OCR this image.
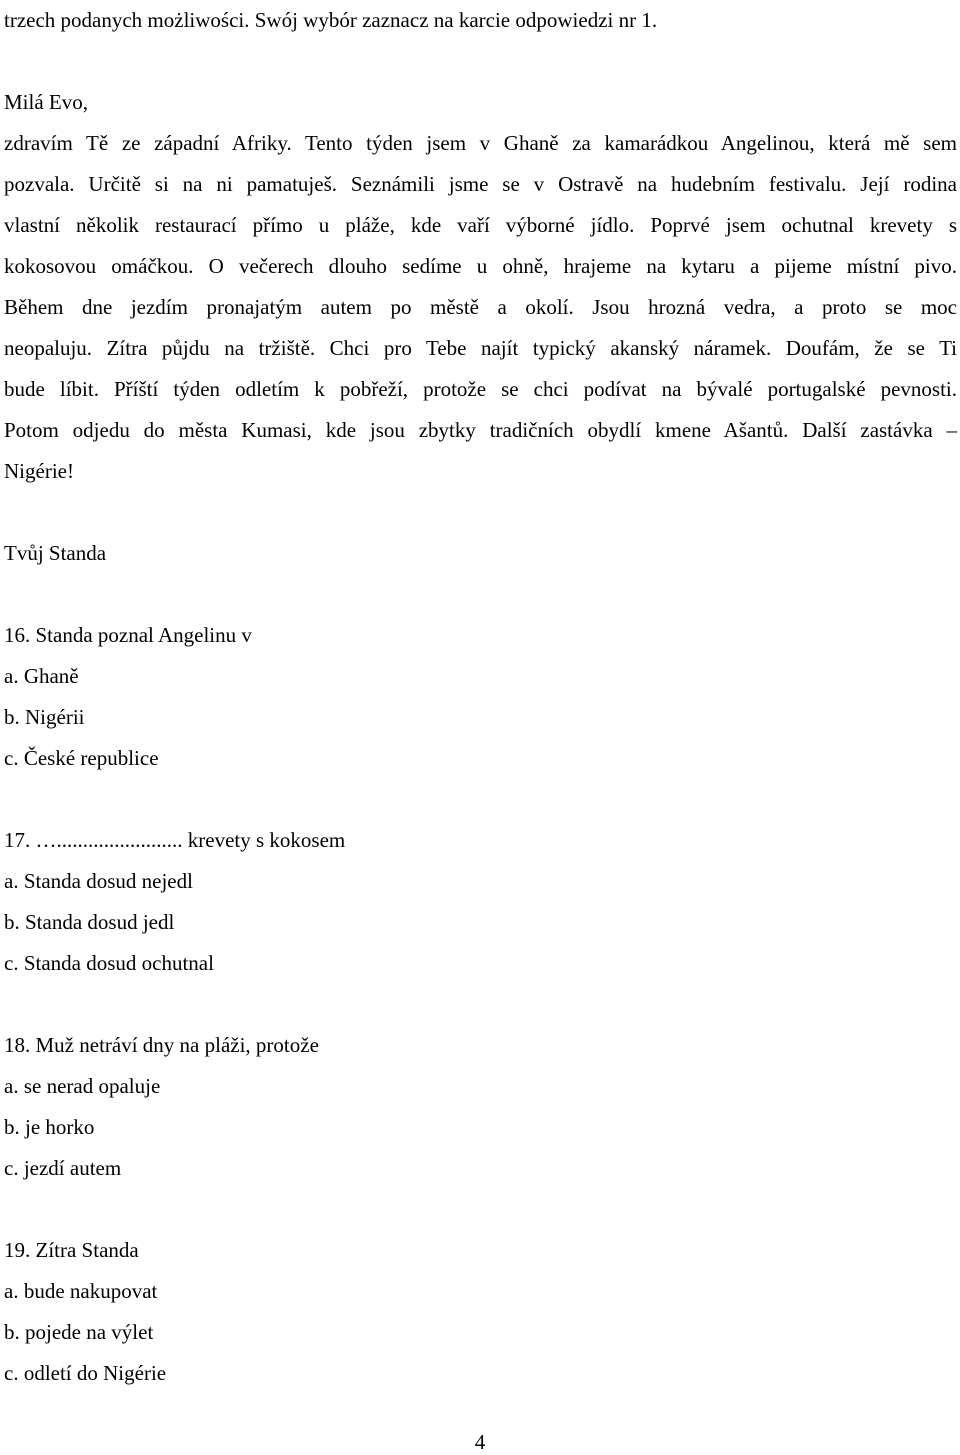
trzech podanych możliwości. Swój wybór zaznacz na karcie odpowiedzi nr 1.
Milá Evo,
zdravím Tě ze západní Afriky. Tento týden jsem v Ghaně za kamarádkou Angelinou, která mě sem
pozvala. Určitě si na ni pamatuješ. Seznámili jsme se v Ostravě na hudebním festivalu. Její rodina
vlastní několik restaurací přímo u pláže, kde vaří výborné jídlo. Poprvé jsem ochutnal krevety s
kokosovou omáčkou. O večerech dlouho sedíme u ohně, hrajeme na kytaru a pijeme místní pivo.
Během dne jezdím pronajatým autem po městě a okolí. Jsou hrozná vedra, a proto se moc
neopaluju. Zítra půjdu na tržiště. Chci pro Tebe najít typický akanský náramek. Doufám, že se Ti
bude líbit. Příští týden odletím k pobřeží, protože se chci podívat na bývalé portugalské pevnosti.
Potom odjedu do města Kumasi, kde jsou zbytky tradičních obydlí kmene Ašantů. Další zastávka –
Nigérie!
Tvůj Standa
16. Standa poznal Angelinu v
a. Ghaně
b. Nigérii
c. České republice
17. …........................ krevety s kokosem
a. Standa dosud nejedl
b. Standa dosud jedl
c. Standa dosud ochutnal
18. Muž netráví dny na pláži, protože
a. se nerad opaluje
b. je horko
c. jezdí autem
19. Zítra Standa
a. bude nakupovat
b. pojede na výlet
c. odletí do Nigérie
4
